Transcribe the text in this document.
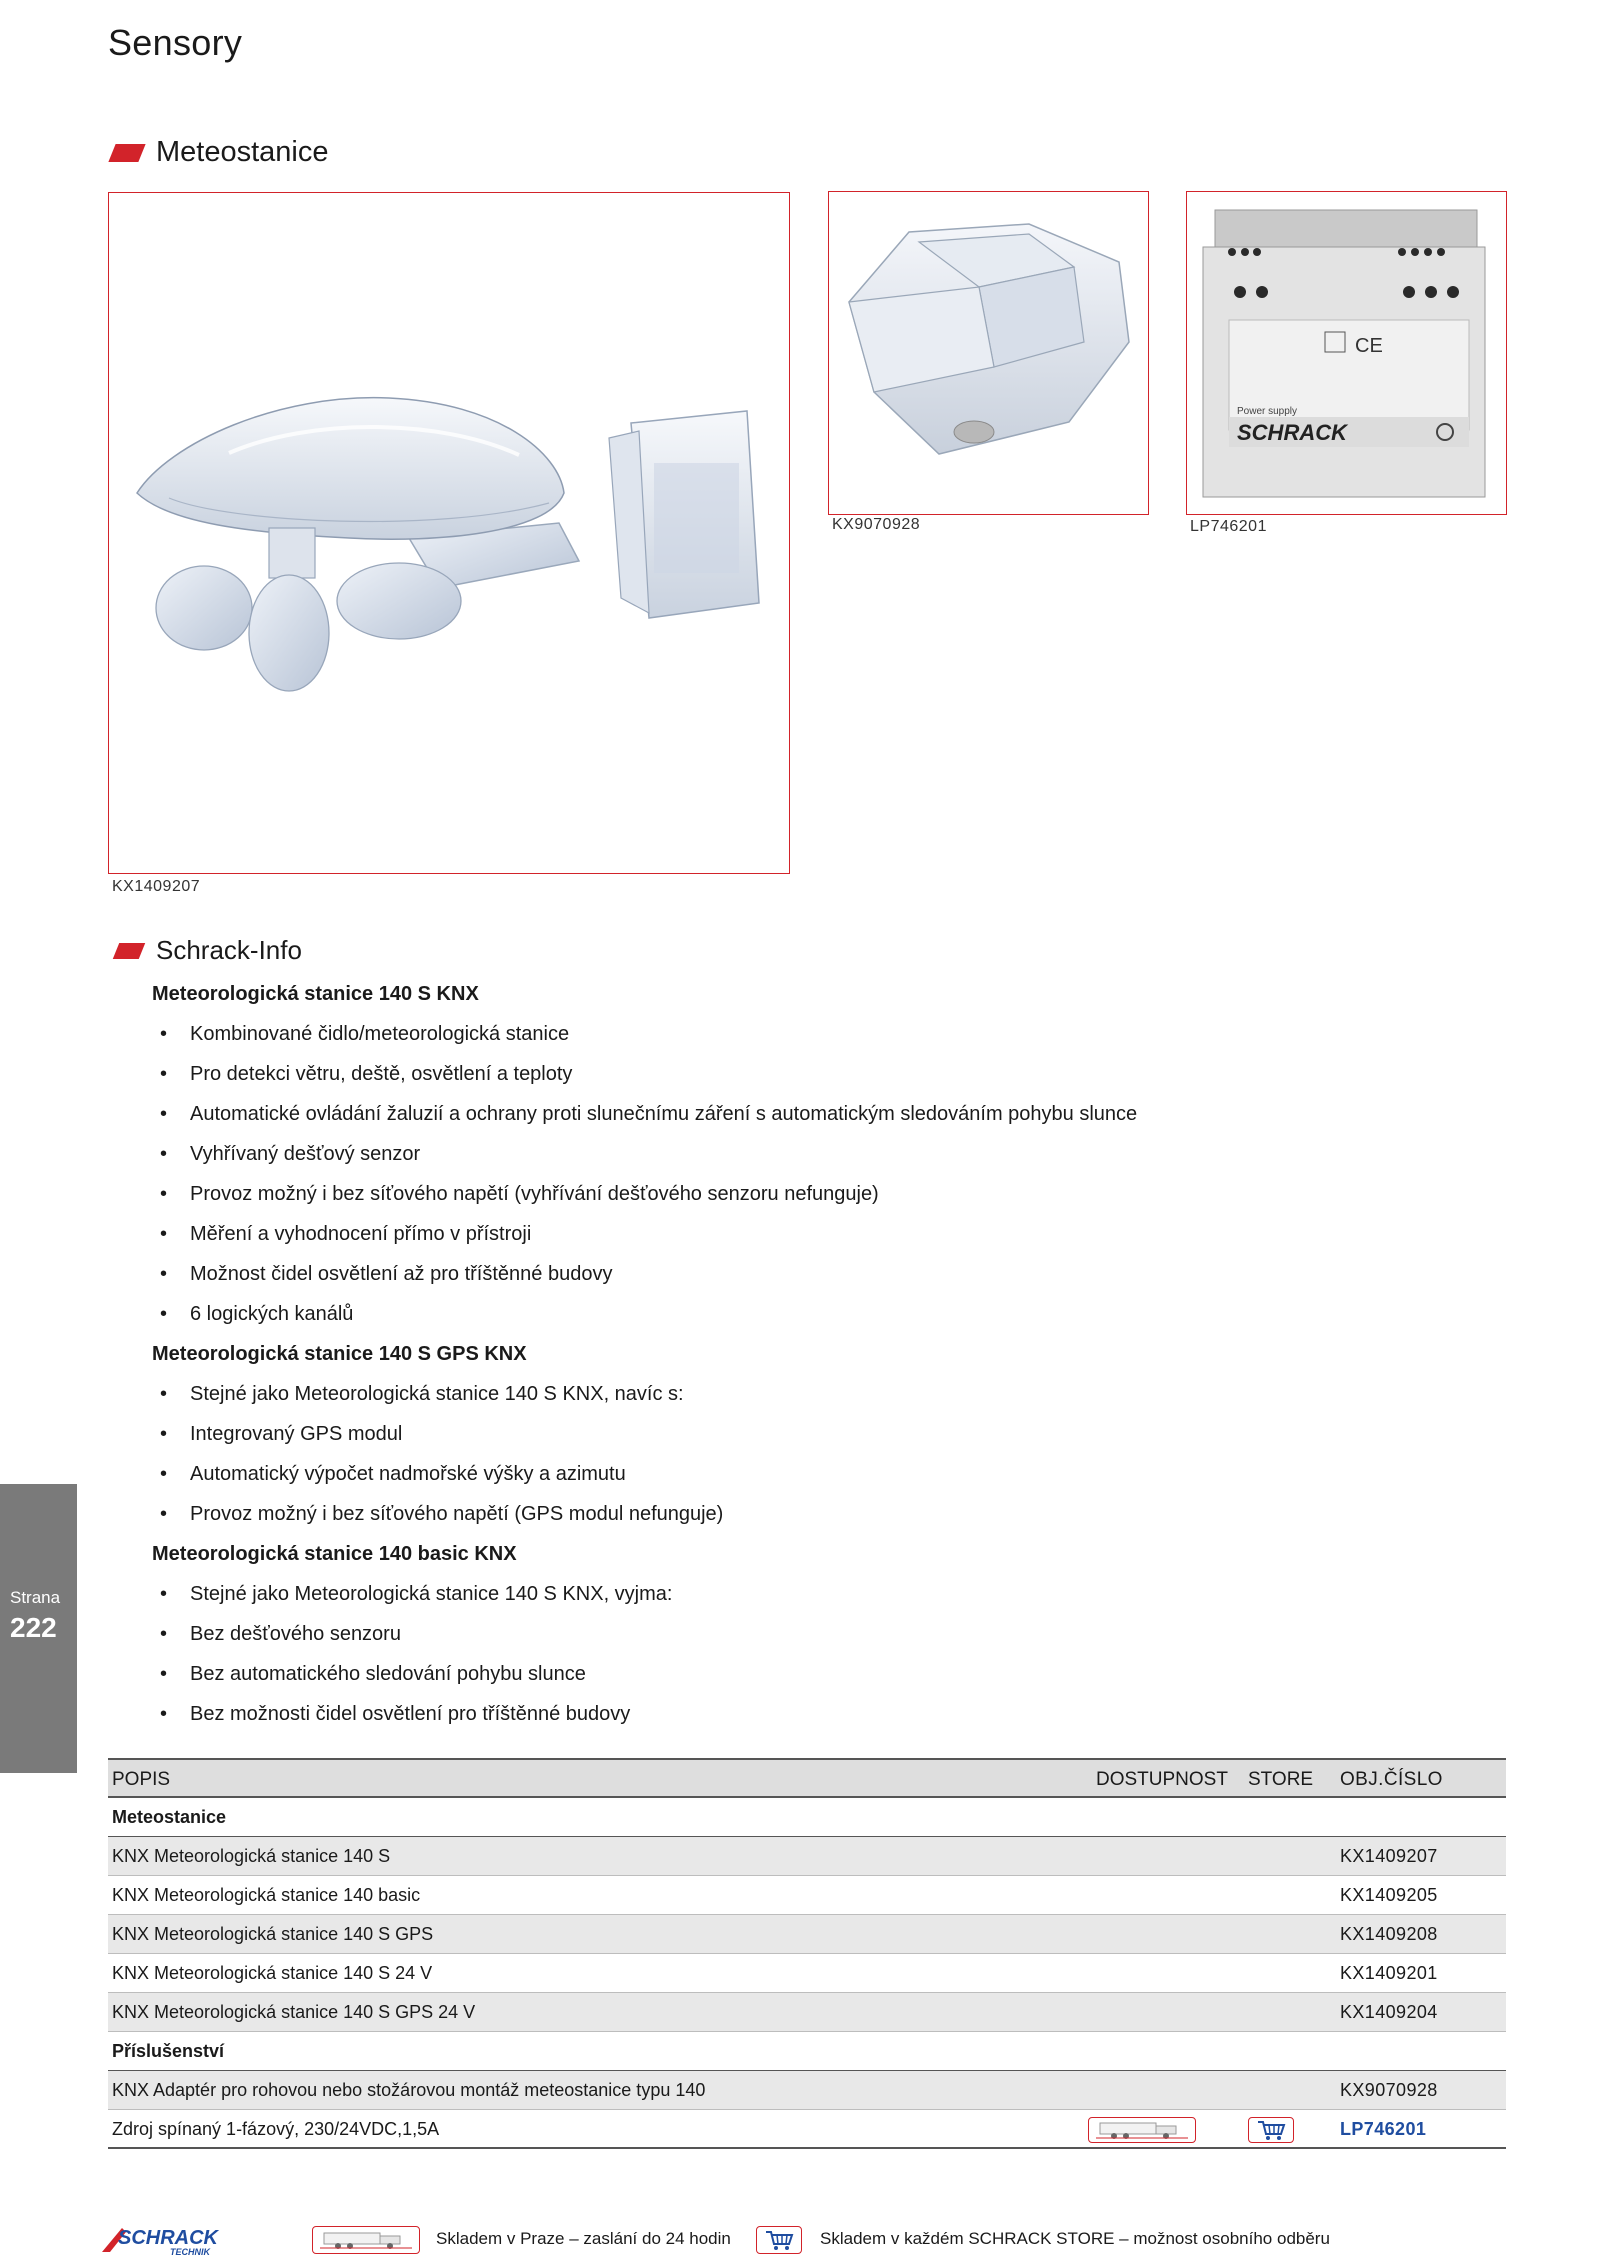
Sensory
Meteostanice
KX1409207
KX9070928
CE
SCHRACK
Power supply
LP746201
Schrack-Info
Meteorologická stanice 140 S KNX
• Kombinované čidlo/meteorologická stanice
• Pro detekci větru, deště, osvětlení a teploty
• Automatické ovládání žaluzií a ochrany proti slunečnímu záření s automatickým sledováním pohybu slunce
• Vyhřívaný dešťový senzor
• Provoz možný i bez síťového napětí (vyhřívání dešťového senzoru nefunguje)
• Měření a vyhodnocení přímo v přístroji
• Možnost čidel osvětlení až pro tříštěnné budovy
• 6 logických kanálů
Meteorologická stanice 140 S GPS KNX
• Stejné jako Meteorologická stanice 140 S KNX, navíc s:
• Integrovaný GPS modul
• Automatický výpočet nadmořské výšky a azimutu
• Provoz možný i bez síťového napětí (GPS modul nefunguje)
Meteorologická stanice 140 basic KNX
• Stejné jako Meteorologická stanice 140 S KNX, vyjma:
• Bez dešťového senzoru
• Bez automatického sledování pohybu slunce
• Bez možnosti čidel osvětlení pro tříštěnné budovy
Strana
222
POPIS	DOSTUPNOST STORE OBJ.ČÍSLO
Meteostanice
KNX Meteorologická stanice 140 S	KX1409207
KNX Meteorologická stanice 140 basic	KX1409205
KNX Meteorologická stanice 140 S GPS	KX1409208
KNX Meteorologická stanice 140 S 24 V	KX1409201
KNX Meteorologická stanice 140 S GPS 24 V	KX1409204
Příslušenství
KNX Adaptér pro rohovou nebo stožárovou montáž meteostanice typu 140	KX9070928
Zdroj spínaný 1-fázový, 230/24VDC,1,5A	LP746201
SCHRACK
TECHNIK
Skladem v Praze – zaslání do 24 hodin	Skladem v každém SCHRACK STORE – možnost osobního odběru
